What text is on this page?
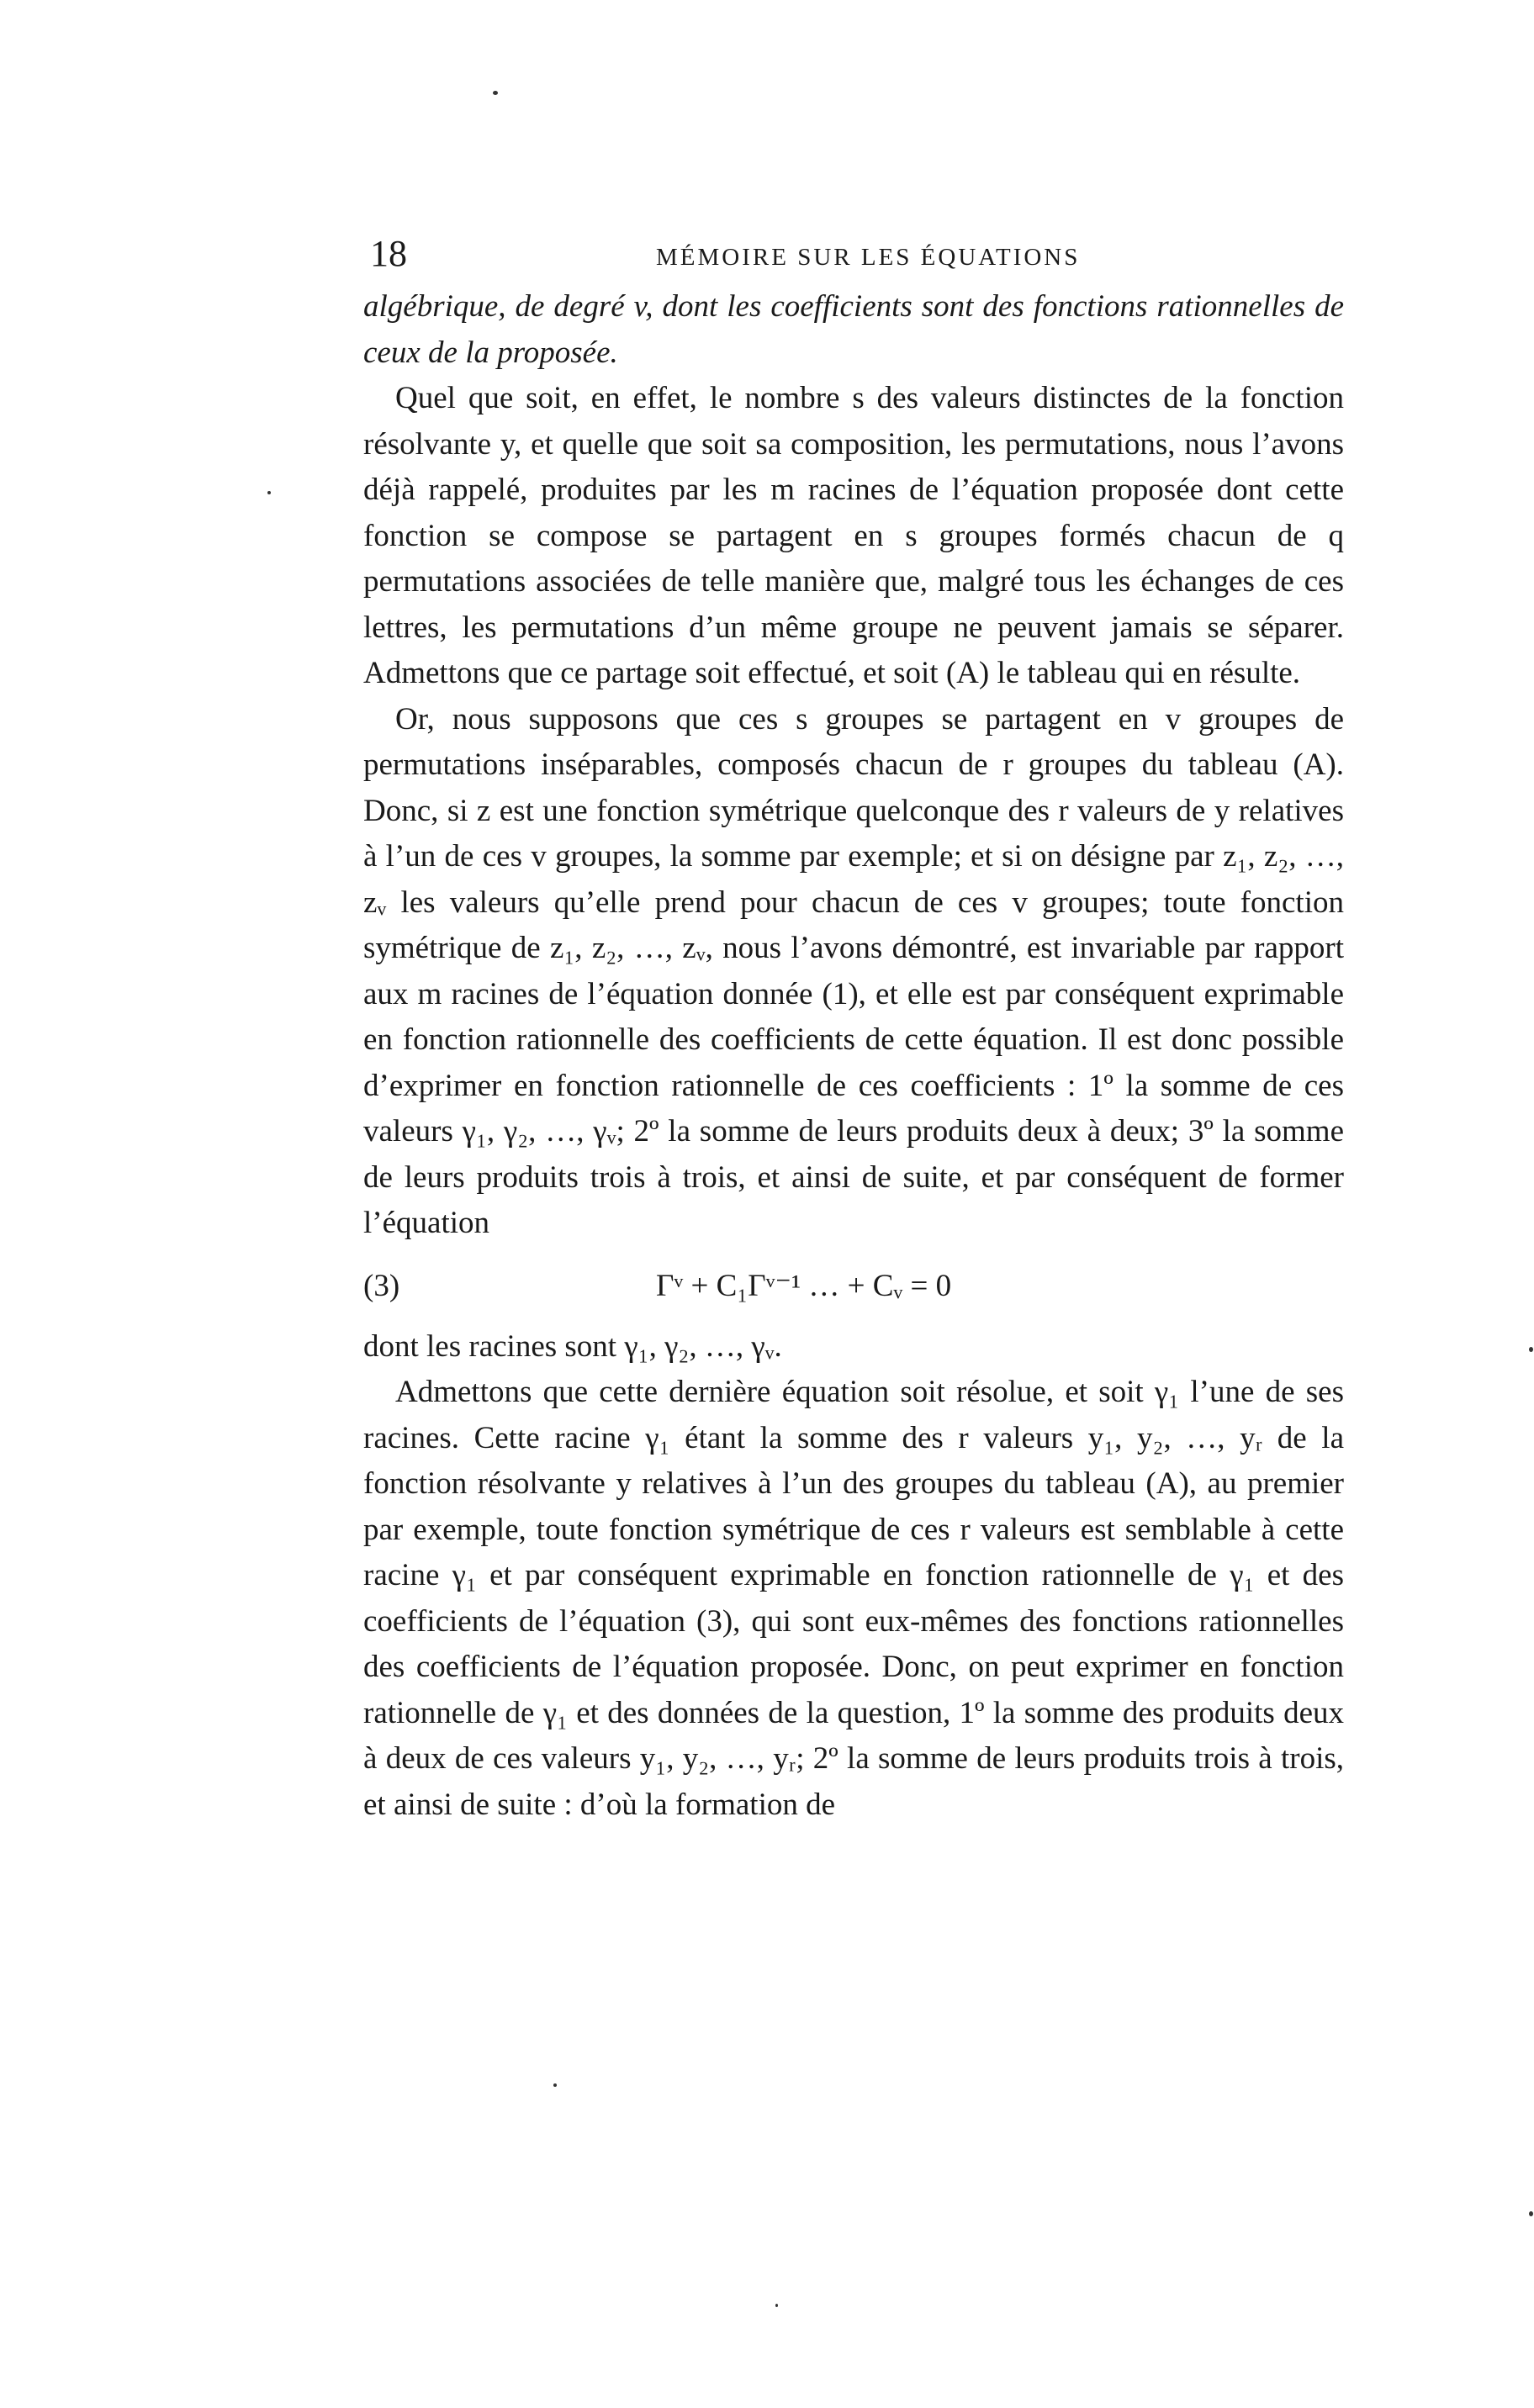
18	MÉMOIRE SUR LES ÉQUATIONS

algébrique, de degré v, dont les coefficients sont des fonctions rationnelles de ceux de la proposée.

Quel que soit, en effet, le nombre s des valeurs distinctes de la fonction résolvante y, et quelle que soit sa composition, les permutations, nous l’avons déjà rappelé, produites par les m racines de l’équation proposée dont cette fonction se compose se partagent en s groupes formés chacun de q permutations associées de telle manière que, malgré tous les échanges de ces lettres, les permutations d’un même groupe ne peuvent jamais se séparer. Admettons que ce partage soit effectué, et soit (A) le tableau qui en résulte.

Or, nous supposons que ces s groupes se partagent en v groupes de permutations inséparables, composés chacun de r groupes du tableau (A). Donc, si z est une fonction symétrique quelconque des r valeurs de y relatives à l’un de ces v groupes, la somme par exemple; et si on désigne par z₁, z₂, …, zᵥ les valeurs qu’elle prend pour chacun de ces v groupes; toute fonction symétrique de z₁, z₂, …, zᵥ, nous l’avons démontré, est invariable par rapport aux m racines de l’équation donnée (1), et elle est par conséquent exprimable en fonction rationnelle des coefficients de cette équation. Il est donc possible d’exprimer en fonction rationnelle de ces coefficients : 1º la somme de ces valeurs γ₁, γ₂, …, γᵥ; 2º la somme de leurs produits deux à deux; 3º la somme de leurs produits trois à trois, et ainsi de suite, et par conséquent de former l’équation

(3)	Γᵛ + C₁Γᵛ⁻¹ … + Cᵥ = 0

dont les racines sont γ₁, γ₂, …, γᵥ.

Admettons que cette dernière équation soit résolue, et soit γ₁ l’une de ses racines. Cette racine γ₁ étant la somme des r valeurs y₁, y₂, …, yᵣ de la fonction résolvante y relatives à l’un des groupes du tableau (A), au premier par exemple, toute fonction symétrique de ces r valeurs est semblable à cette racine γ₁ et par conséquent exprimable en fonction rationnelle de γ₁ et des coefficients de l’équation (3), qui sont eux-mêmes des fonctions rationnelles des coefficients de l’équation proposée. Donc, on peut exprimer en fonction rationnelle de γ₁ et des données de la question, 1º la somme des produits deux à deux de ces valeurs y₁, y₂, …, yᵣ; 2º la somme de leurs produits trois à trois, et ainsi de suite : d’où la formation de
